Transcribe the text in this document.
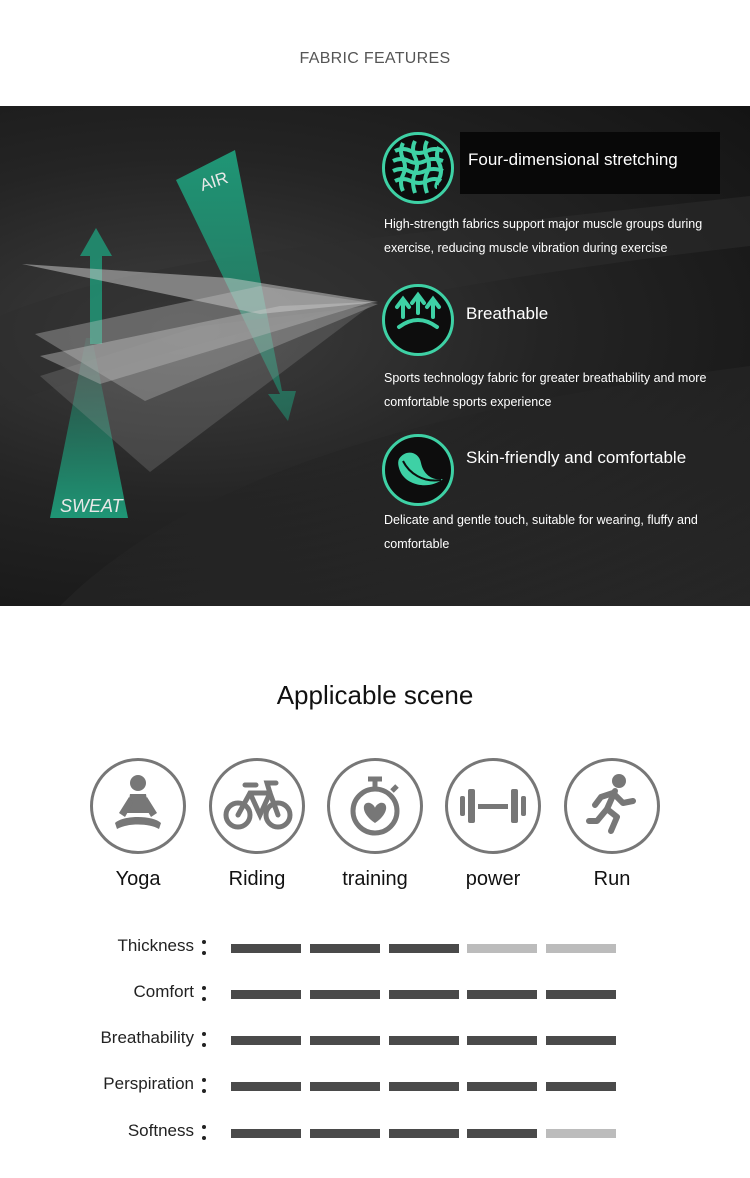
FABRIC FEATURES
AIR
SWEAT
Four-dimensional stretching
High-strength fabrics support major muscle groups during
exercise, reducing muscle vibration during exercise
Breathable
Sports technology fabric for greater breathability and more
comfortable sports experience
Skin-friendly and comfortable
Delicate and gentle touch, suitable for wearing, fluffy and
comfortable
Applicable scene
Yoga	Riding	training	power	Run
Thickness
Comfort
Breathability
Perspiration
Softness
